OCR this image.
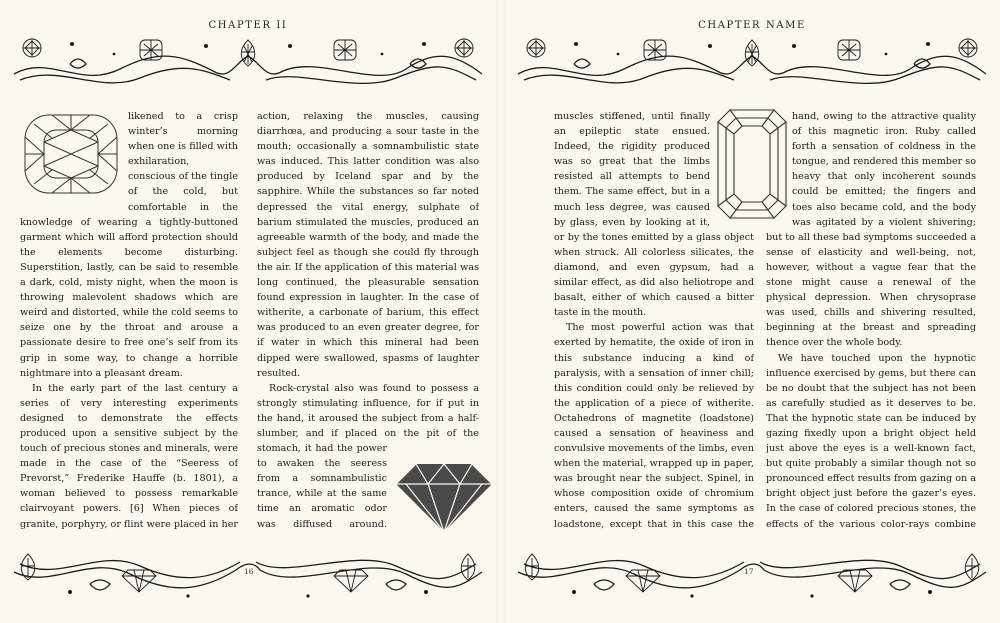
CHAPTER II

likened to a crisp winter’s morning when one is filled with exhilaration, conscious of the tingle of the cold, but comfortable in the knowledge of wearing a tightly-buttoned garment which will afford protection should the elements become disturbing. Superstition, lastly, can be said to resemble a dark, cold, misty night, when the moon is throwing malevolent shadows which are weird and distorted, while the cold seems to seize one by the throat and arouse a passionate desire to free one’s self from its grip in some way, to change a horrible nightmare into a pleasant dream.

In the early part of the last century a series of very interesting experiments designed to demonstrate the effects produced upon a sensitive subject by the touch of precious stones and minerals, were made in the case of the “Seeress of Prevorst,” Frederike Hauffe (b. 1801), a woman believed to possess remarkable clairvoyant powers. [6] When pieces of granite, porphyry, or flint were placed in her

action, relaxing the muscles, causing diarrhœa, and producing a sour taste in the mouth; occasionally a somnambulistic state was induced. This latter condition was also produced by Iceland spar and by the sapphire. While the substances so far noted depressed the vital energy, sulphate of barium stimulated the muscles, produced an agreeable warmth of the body, and made the subject feel as though she could fly through the air. If the application of this material was long continued, the pleasurable sensation found expression in laughter. In the case of witherite, a carbonate of barium, this effect was produced to an even greater degree, for if water in which this mineral had been dipped were swallowed, spasms of laughter resulted.

Rock-crystal also was found to possess a strongly stimulating influence, for if put in the hand, it aroused the subject from a half-slumber, and if placed on the pit of the stomach, it had the power to awaken the seeress from a somnambulistic trance, while at the same time an aromatic odor was diffused around.

16
CHAPTER NAME

muscles stiffened, until finally an epileptic state ensued. Indeed, the rigidity produced was so great that the limbs resisted all attempts to bend them. The same effect, but in a much less degree, was caused by glass, even by looking at it, or by the tones emitted by a glass object when struck. All colorless silicates, the diamond, and even gypsum, had a similar effect, as did also heliotrope and basalt, either of which caused a bitter taste in the mouth.

The most powerful action was that exerted by hematite, the oxide of iron in this substance inducing a kind of paralysis, with a sensation of inner chill; this condition could only be relieved by the application of a piece of witherite. Octahedrons of magnetite (loadstone) caused a sensation of heaviness and convulsive movements of the limbs, even when the material, wrapped up in paper, was brought near the subject. Spinel, in whose composition oxide of chromium enters, caused the same symptoms as loadstone, except that in this case the

hand, owing to the attractive quality of this magnetic iron. Ruby called forth a sensation of coldness in the tongue, and rendered this member so heavy that only incoherent sounds could be emitted; the fingers and toes also became cold, and the body was agitated by a violent shivering; but to all these bad symptoms succeeded a sense of elasticity and well-being, not, however, without a vague fear that the stone might cause a renewal of the physical depression. When chrysoprase was used, chills and shivering resulted, beginning at the breast and spreading thence over the whole body.

We have touched upon the hypnotic influence exercised by gems, but there can be no doubt that the subject has not been as carefully studied as it deserves to be. That the hypnotic state can be induced by gazing fixedly upon a bright object held just above the eyes is a well-known fact, but quite probably a similar though not so pronounced effect results from gazing on a bright object just before the gazer’s eyes. In the case of colored precious stones, the effects of the various color-rays combine

17
